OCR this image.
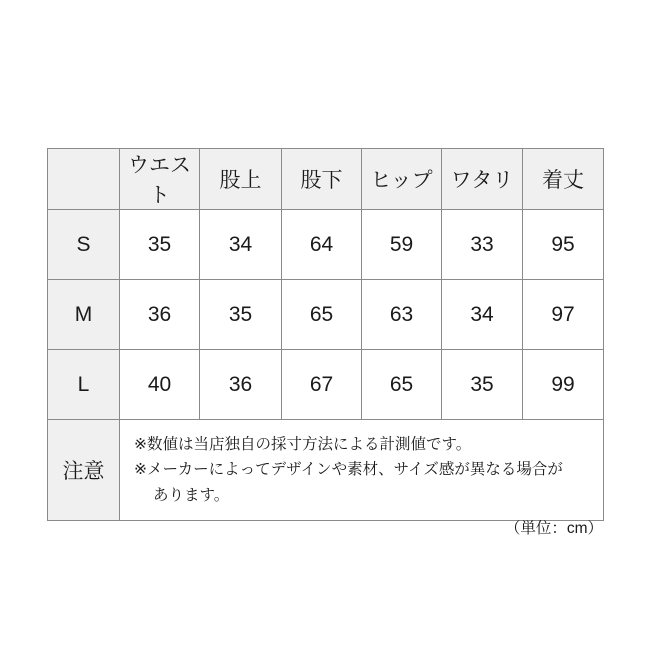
	ウエスト	股上	股下	ヒップ	ワタリ	着丈
S	35	34	64	59	33	95
M	36	35	65	63	34	97
L	40	36	67	65	35	99
注意	※数値は当店独自の採寸方法による計測値です。
※メーカーによってデザインや素材、サイズ感が異なる場合が
あります。					
（単位：cm）
